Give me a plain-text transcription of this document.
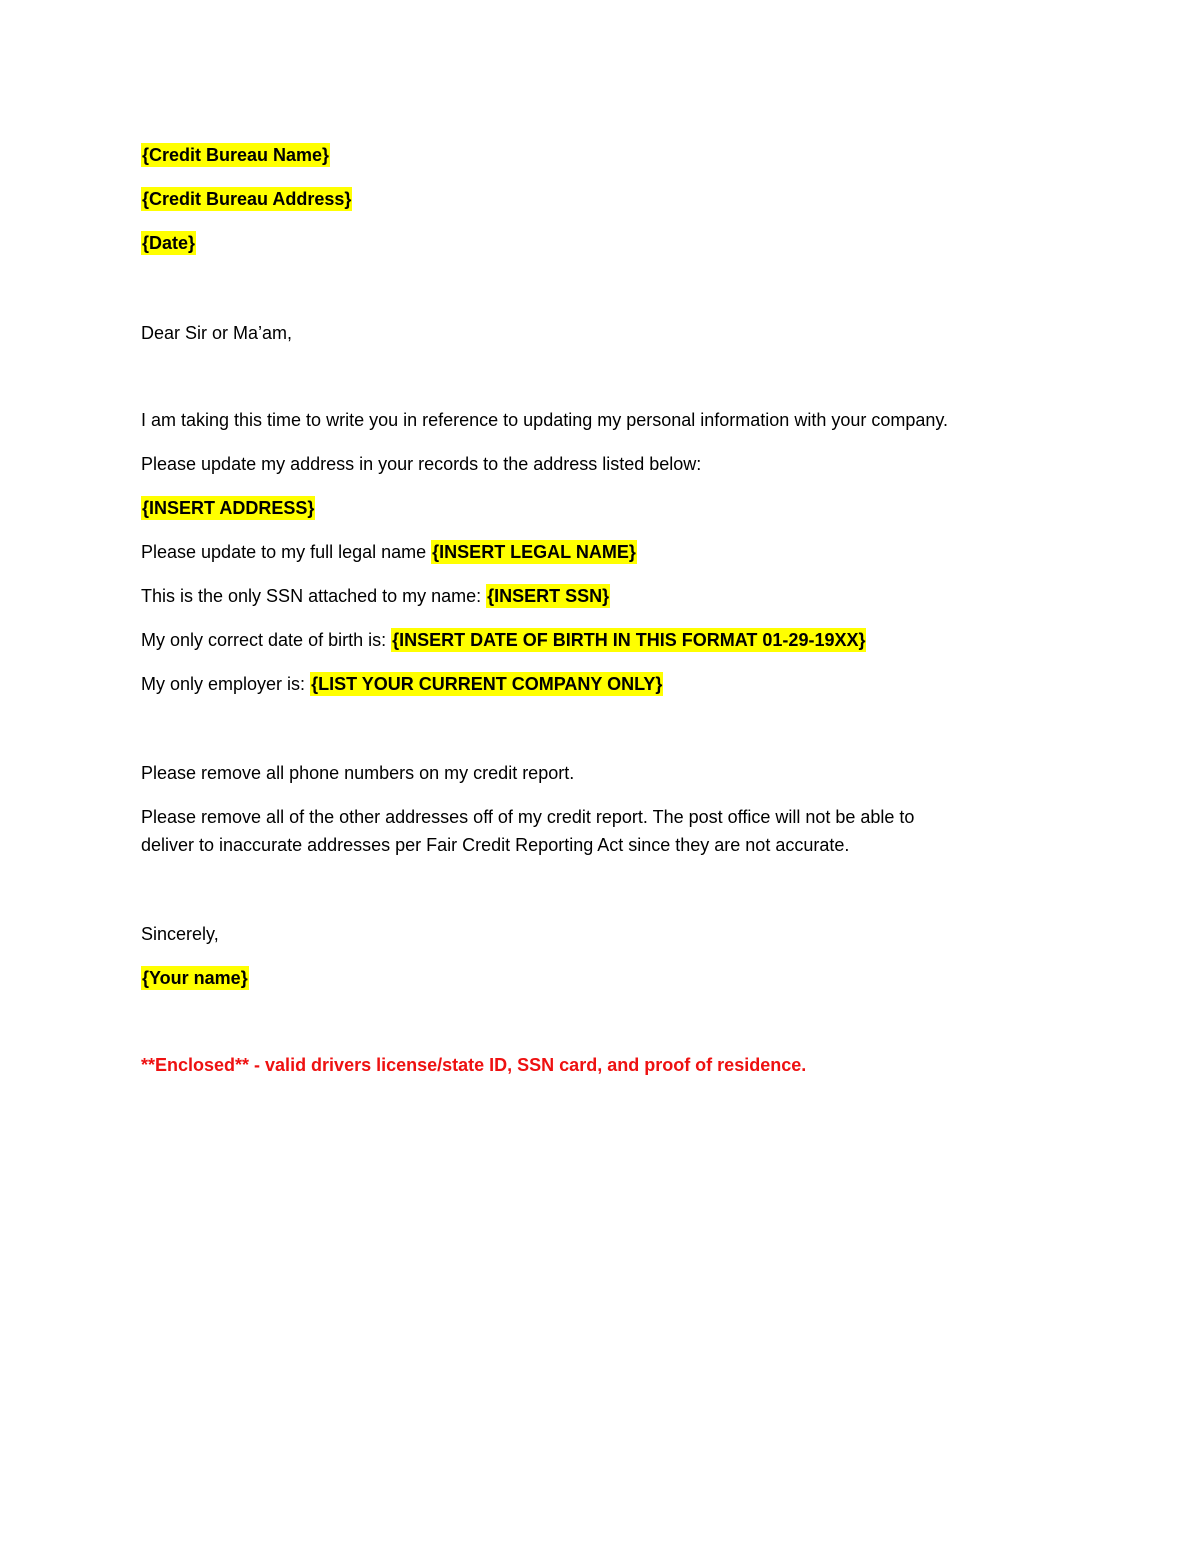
{Credit Bureau Name}
{Credit Bureau Address}
{Date}
Dear Sir or Ma’am,
I am taking this time to write you in reference to updating my personal information with your company.
Please update my address in your records to the address listed below:
{INSERT ADDRESS}
Please update to my full legal name {INSERT LEGAL NAME}
This is the only SSN attached to my name: {INSERT SSN}
My only correct date of birth is: {INSERT DATE OF BIRTH IN THIS FORMAT 01-29-19XX}
My only employer is: {LIST YOUR CURRENT COMPANY ONLY}
Please remove all phone numbers on my credit report.
Please remove all of the other addresses off of my credit report. The post office will not be able to
deliver to inaccurate addresses per Fair Credit Reporting Act since they are not accurate.
Sincerely,
{Your name}
**Enclosed** - valid drivers license/state ID, SSN card, and proof of residence.
